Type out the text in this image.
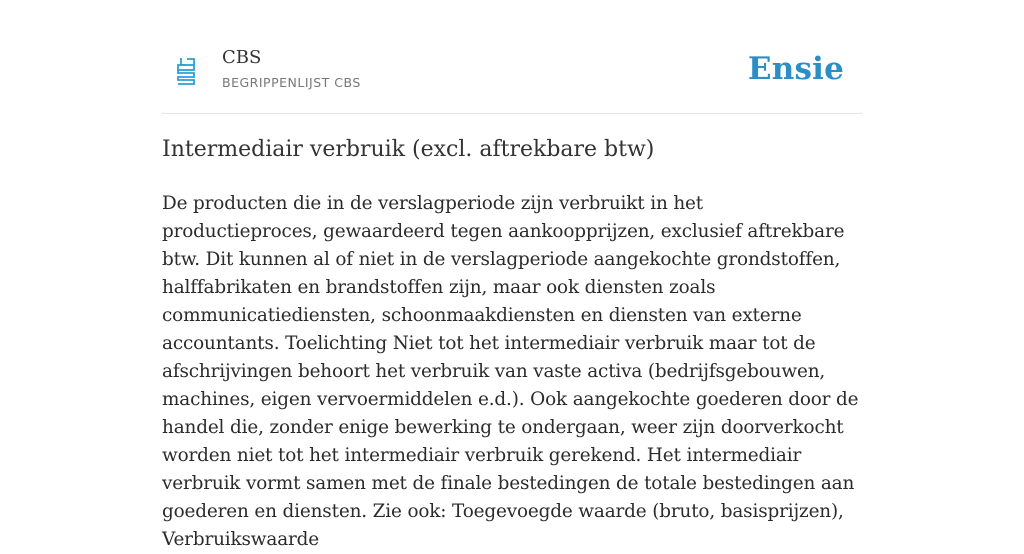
CBS
BEGRIPPENLIJST CBS	Ensie
Intermediair verbruik (excl. aftrekbare btw)

De producten die in de verslagperiode zijn verbruikt in het productieproces, gewaardeerd tegen aankoopprijzen, exclusief aftrekbare btw. Dit kunnen al of niet in de verslagperiode aangekochte grondstoffen, halffabrikaten en brandstoffen zijn, maar ook diensten zoals communicatiediensten, schoonmaakdiensten en diensten van externe accountants. Toelichting Niet tot het intermediair verbruik maar tot de afschrijvingen behoort het verbruik van vaste activa (bedrijfsgebouwen, machines, eigen vervoermiddelen e.d.). Ook aangekochte goederen door de handel die, zonder enige bewerking te ondergaan, weer zijn doorverkocht worden niet tot het intermediair verbruik gerekend. Het intermediair verbruik vormt samen met de finale bestedingen de totale bestedingen aan goederen en diensten. Zie ook: Toegevoegde waarde (bruto, basisprijzen), Verbruikswaarde
